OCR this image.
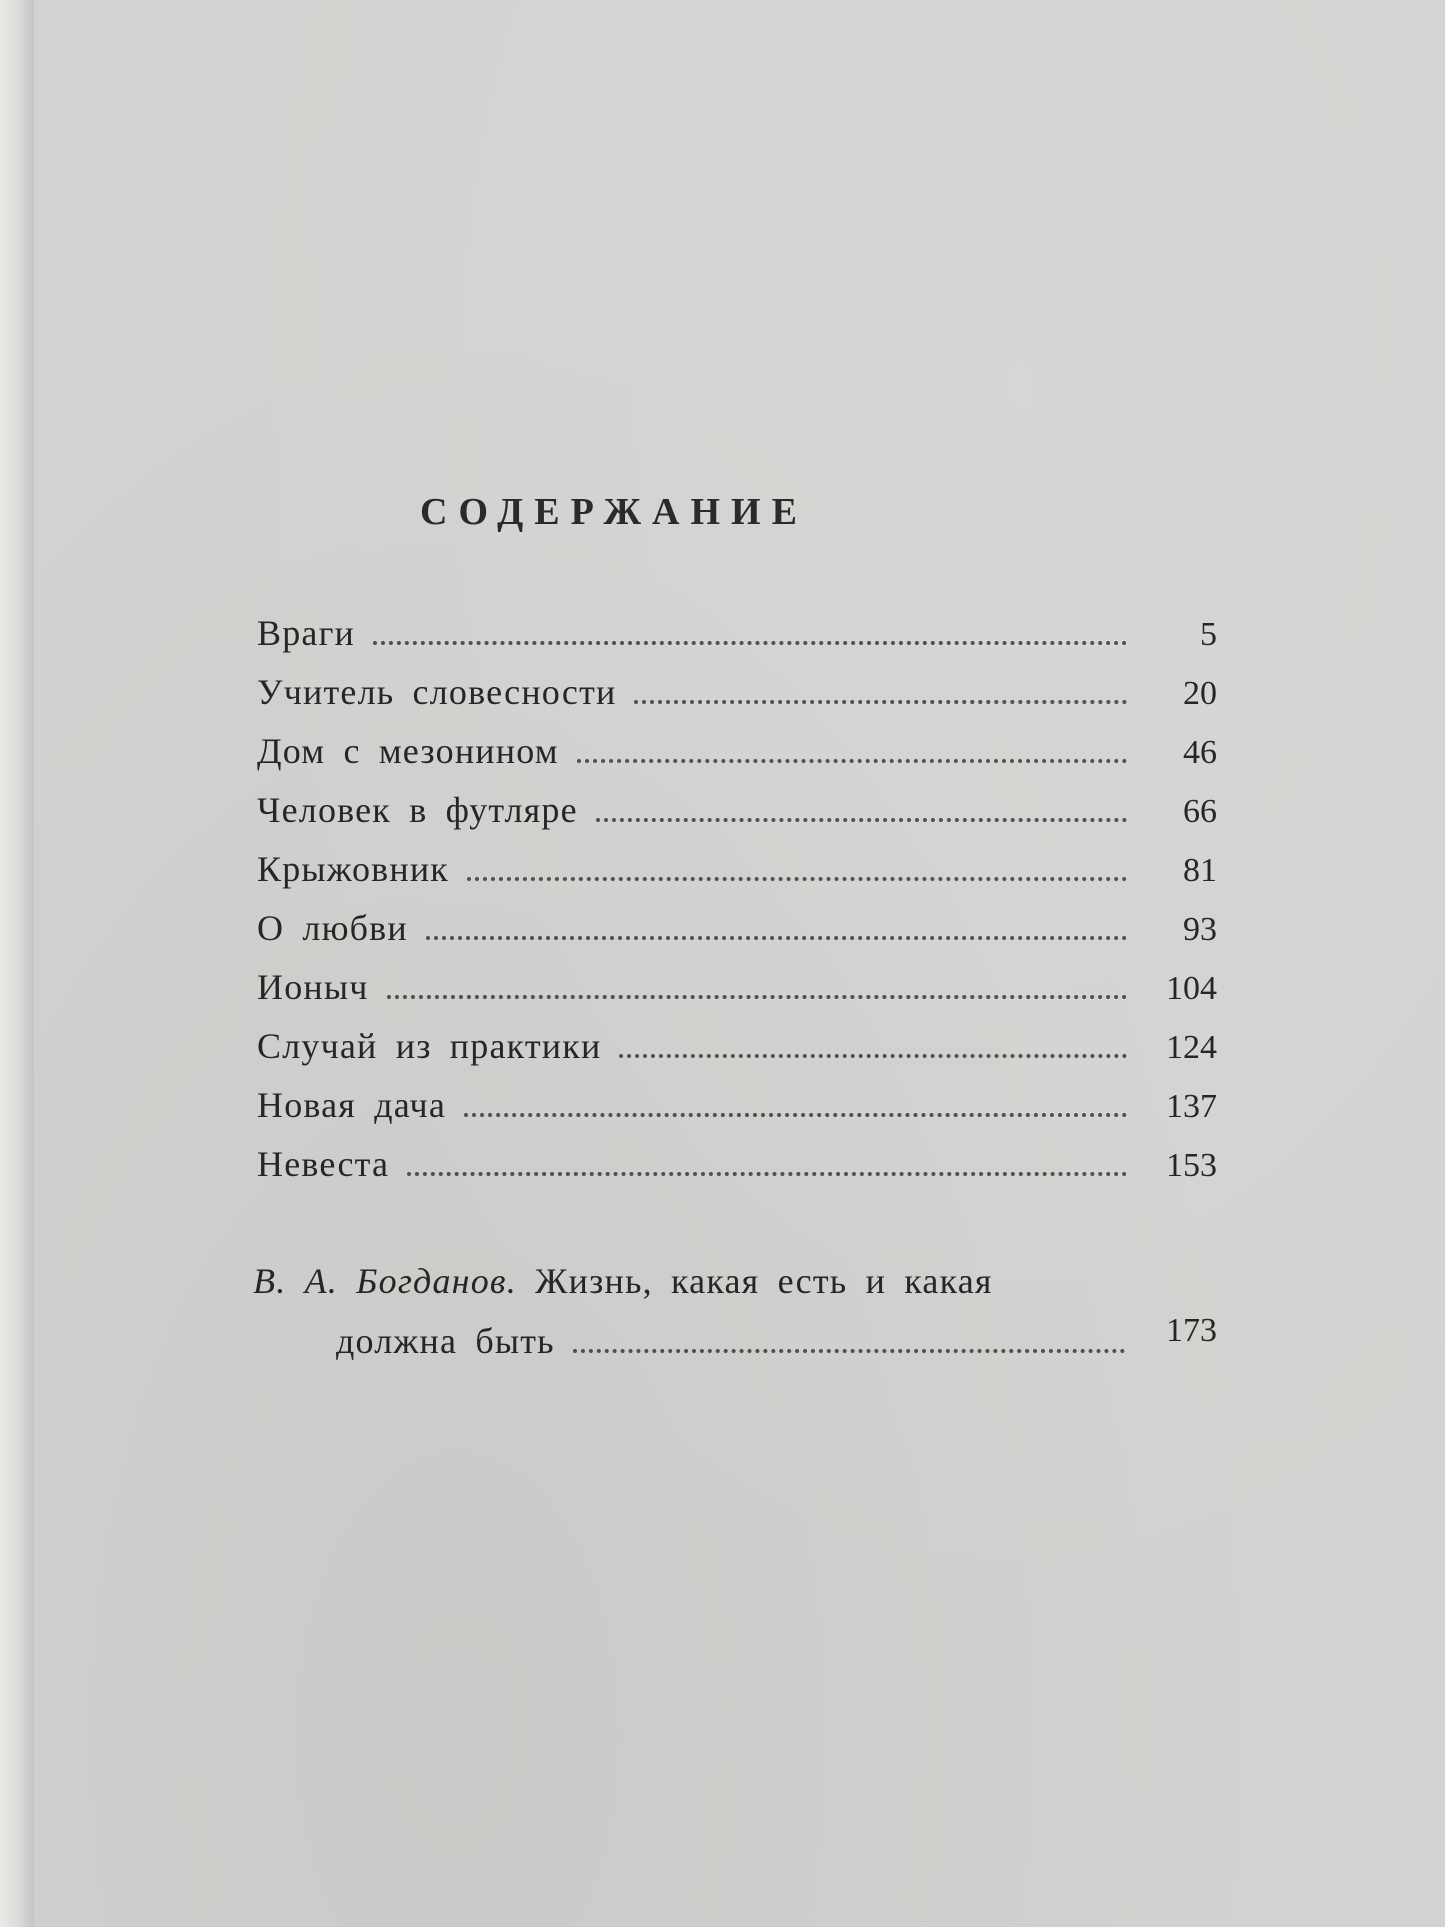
СОДЕРЖАНИЕ
Враги	5
Учитель словесности	20
Дом с мезонином	46
Человек в футляре	66
Крыжовник	81
О любви	93
Ионыч	104
Случай из практики	124
Новая дача	137
Невеста	153
В. А. Богданов. Жизнь, какая есть и какая
должна быть	173
